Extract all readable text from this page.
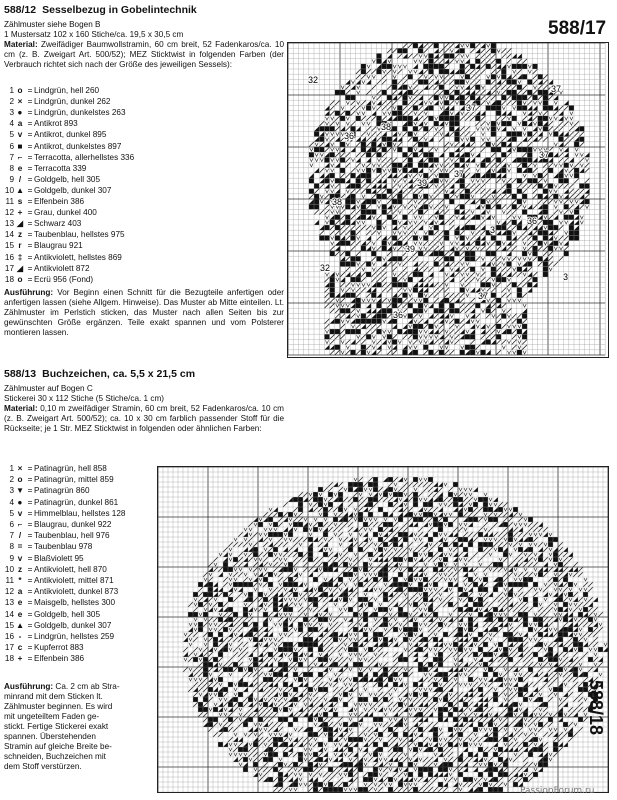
588/12 Sesselbezug in Gobelintechnik
Zählmuster siehe Bogen B
1 Mustersatz 102 x 160 Stiche/ca. 19,5 x 30,5 cm
Material: Zweifädiger Baumwollstramin, 60 cm breit, 52 Fadenkaros/ca. 10 cm (z. B. Zweigart Art. 500/52); MEZ Sticktwist in folgenden Farben (der Verbrauch richtet sich nach der Größe des jeweiligen Sessels):
1 o = Lindgrün, hell 260
2 × = Lindgrün, dunkel 262
3 ● = Lindgrün, dunkelstes 263
4 a = Antikrot 893
5 v = Antikrot, dunkel 895
6 ■ = Antikrot, dunkelstes 897
7 ⌐ = Terracotta, allerhellstes 336
8 e = Terracotta 339
9 / = Goldgelb, hell 305
10 ▲ = Goldgelb, dunkel 307
11 s = Elfenbein 386
12 + = Grau, dunkel 400
13 ◢ = Schwarz 403
14 z = Taubenblau, hellstes 975
15 r = Blaugrau 921
16 ‡ = Antikviolett, hellstes 869
17 ◢ = Antikviolett 872
18 o = Ecrü 956 (Fond)
Ausführung: Vor Beginn einen Schnitt für die Bezugteile anfertigen oder anfertigen lassen (siehe Allgem. Hinweise). Das Muster ab Mitte einteilen. Lt. Zählmuster im Perlstich sticken, das Muster nach allen Seiten bis zur gewünschten Größe ergänzen. Teile exakt spannen und vom Polsterer montieren lassen.
588/17
32
38
37
36
32
36
37
37
38
39
37
37
36
39
3
3
588/13 Buchzeichen, ca. 5,5 x 21,5 cm
Zählmuster auf Bogen C
Stickerei 30 x 112 Stiche (5 Stiche/ca. 1 cm)
Material: 0,10 m zweifädiger Stramin, 60 cm breit, 52 Fadenkaros/ca. 10 cm (z. B. Zweigart Art. 500/52); ca. 10 x 30 cm farblich passender Stoff für die Rückseite; je 1 Str. MEZ Sticktwist in folgenden oder ähnlichen Farben:
1 × = Patinagrün, hell 858
2 o = Patinagrün, mittel 859
3 ▼ = Patinagrün 860
4 ● = Patinagrün, dunkel 861
5 v = Himmelblau, hellstes 128
6 ⌐ = Blaugrau, dunkel 922
7 / = Taubenblau, hell 976
8 = = Taubenblau 978
9 v = Blaßviolett 95
10 z = Antikviolett, hell 870
11 * = Antikviolett, mittel 871
12 a = Antikviolett, dunkel 873
13 e = Maisgelb, hellstes 300
14 e = Goldgelb, hell 305
15 ▲ = Goldgelb, dunkel 307
16 - = Lindgrün, hellstes 259
17 c = Kupferrot 883
18 + = Elfenbein 386
Ausführung: Ca. 2 cm ab Stra-
minrand mit dem Sticken lt.
Zählmuster beginnen. Es wird
mit ungeteiltem Faden ge-
stickt. Fertige Stickerei exakt
spannen. Überstehenden
Stramin auf gleiche Breite be-
schneiden, Buchzeichen mit
dem Stoff verstürzen.
588/18
PassionForum.ru
